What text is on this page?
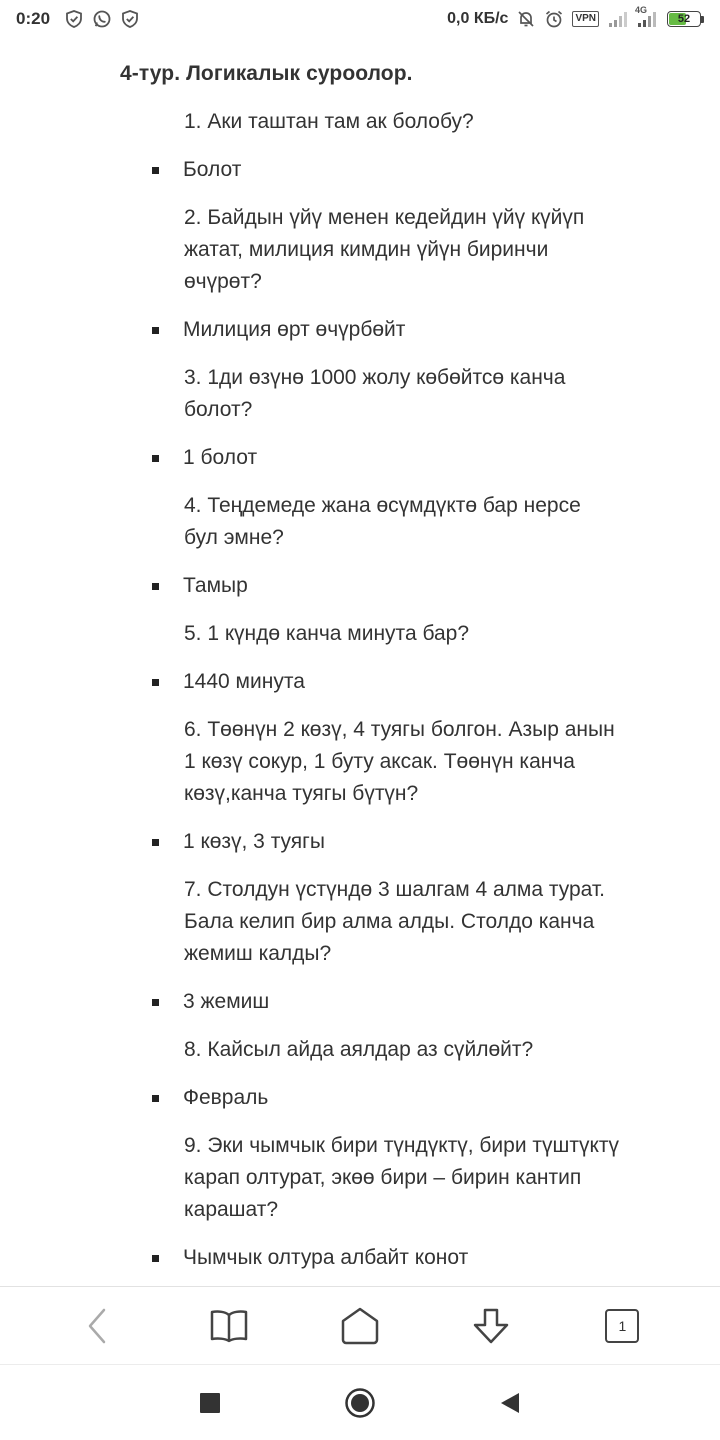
0:20	0,0 КБ/с	VPN
4G
52
4-тур. Логикалык суроолор.
1. Аки таштан там ак болобу?
Болот
2. Байдын үйү менен кедейдин үйү күйүп жатат, милиция кимдин үйүн биринчи өчүрөт?
Милиция өрт өчүрбөйт
3. 1ди өзүнө 1000 жолу көбөйтсө канча болот?
1 болот
4. Теңдемеде жана өсүмдүктө бар нерсе бул эмне?
Тамыр
5. 1 күндө канча минута бар?
1440 минута
6. Төөнүн 2 көзү, 4 туягы болгон. Азыр анын 1 көзү сокур, 1 буту аксак. Төөнүн канча көзү,канча туягы бүтүн?
1 көзү, 3 туягы
7. Столдун үстүндө 3 шалгам 4 алма турат. Бала келип бир алма алды. Столдо канча жемиш калды?
3 жемиш
8. Кайсыл айда аялдар аз сүйлөйт?
Февраль
9. Эки чымчык бири түндүктү, бири түштүктү карап олтурат, экөө бири – бирин кантип карашат?
Чымчык олтура албайт конот
1
